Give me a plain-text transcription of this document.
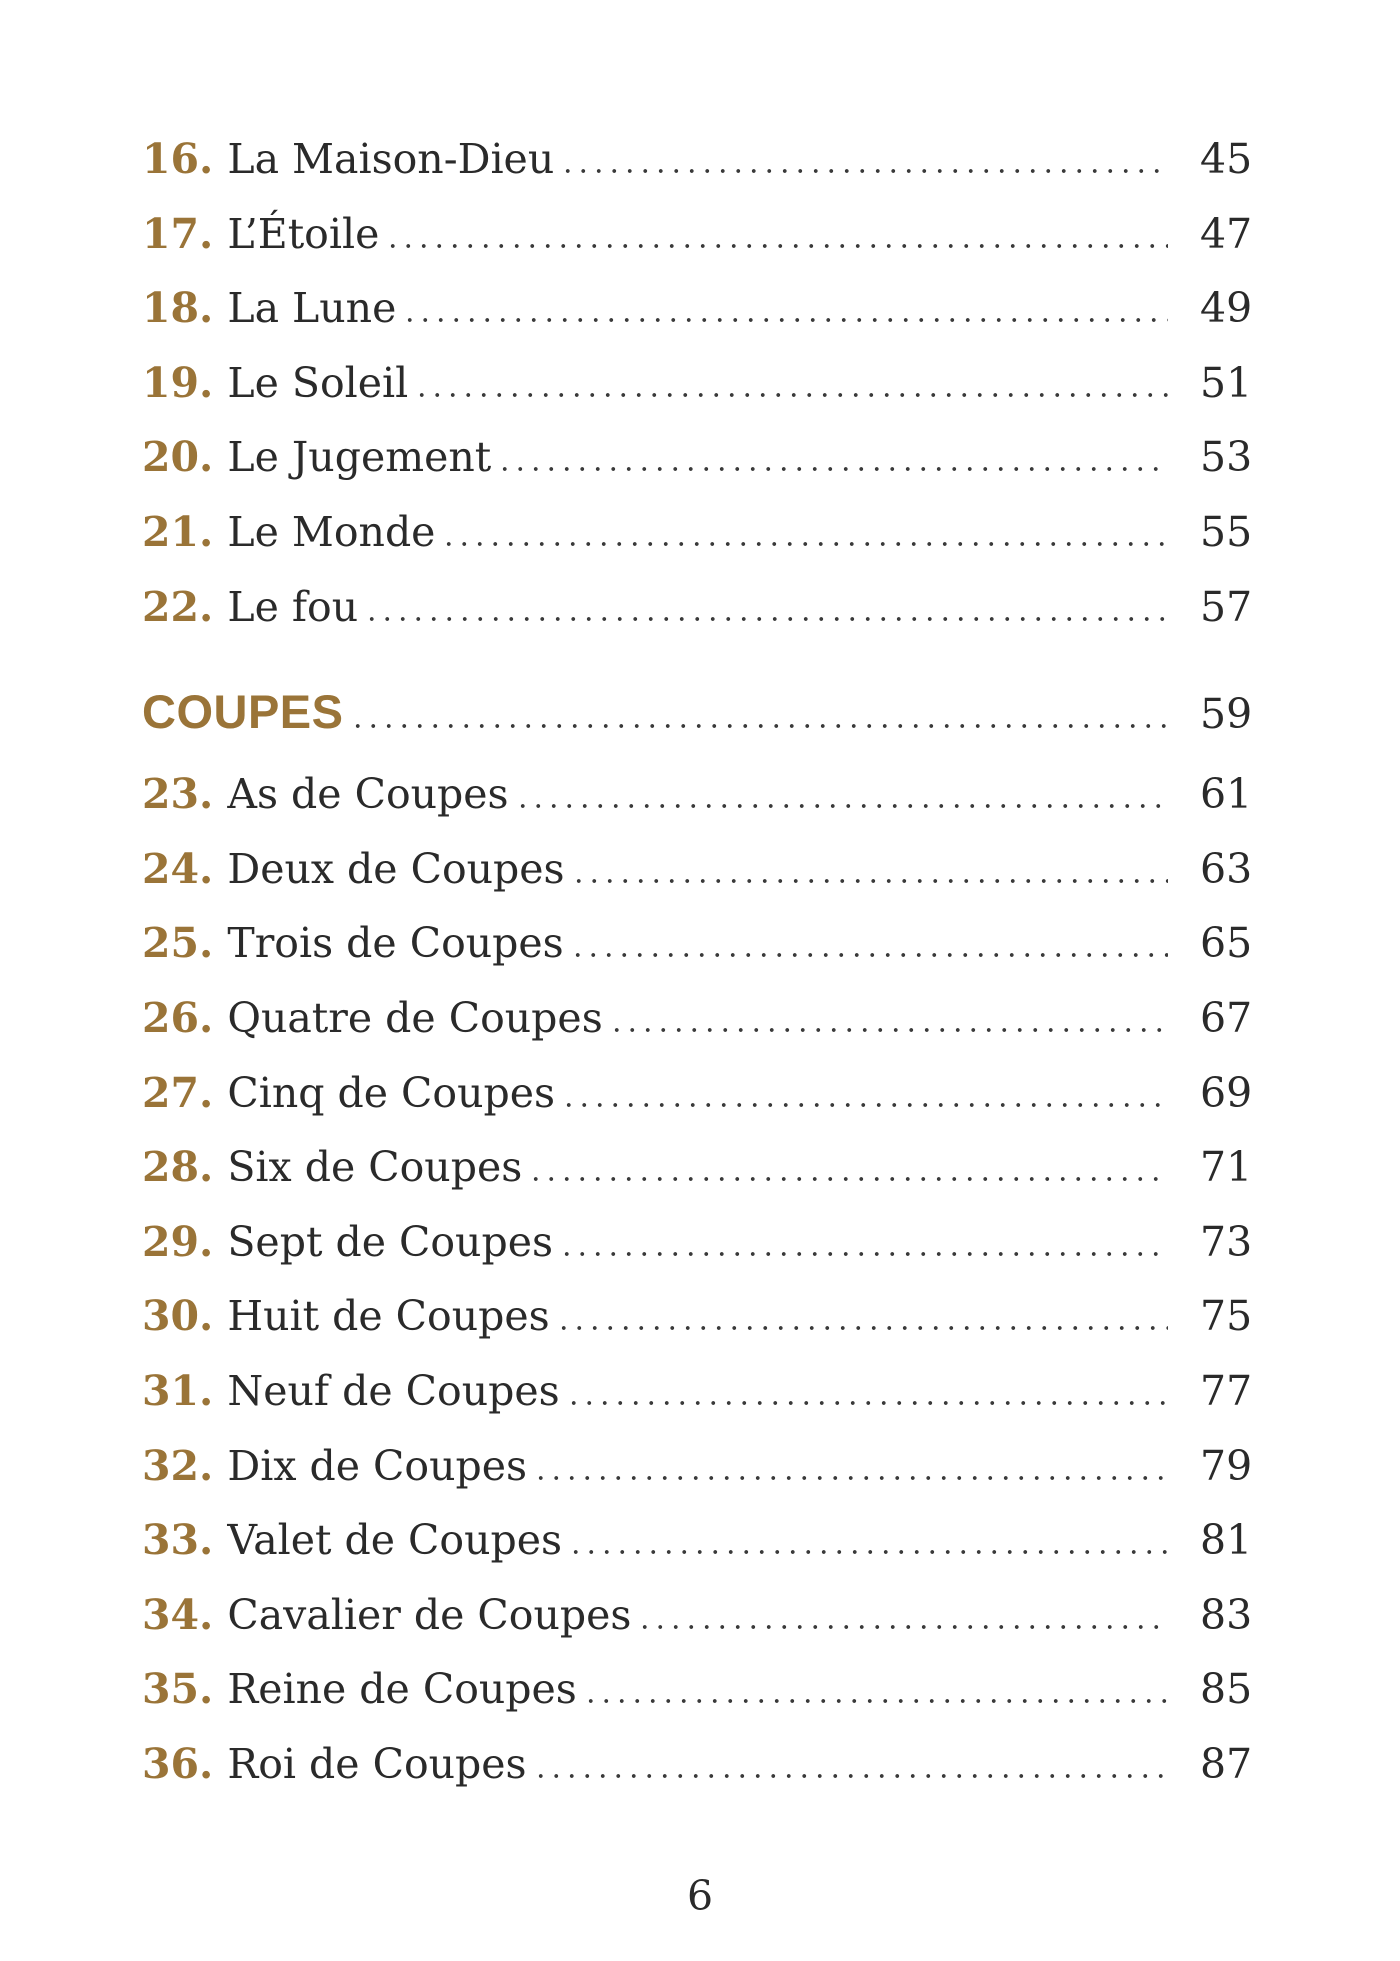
16. La Maison-Dieu	45
17. L’Étoile	47
18. La Lune	49
19. Le Soleil	51
20. Le Jugement	53
21. Le Monde	55
22. Le fou	57
COUPES	59
23. As de Coupes	61
24. Deux de Coupes	63
25. Trois de Coupes	65
26. Quatre de Coupes	67
27. Cinq de Coupes	69
28. Six de Coupes	71
29. Sept de Coupes	73
30. Huit de Coupes	75
31. Neuf de Coupes	77
32. Dix de Coupes	79
33. Valet de Coupes	81
34. Cavalier de Coupes	83
35. Reine de Coupes	85
36. Roi de Coupes	87
6
